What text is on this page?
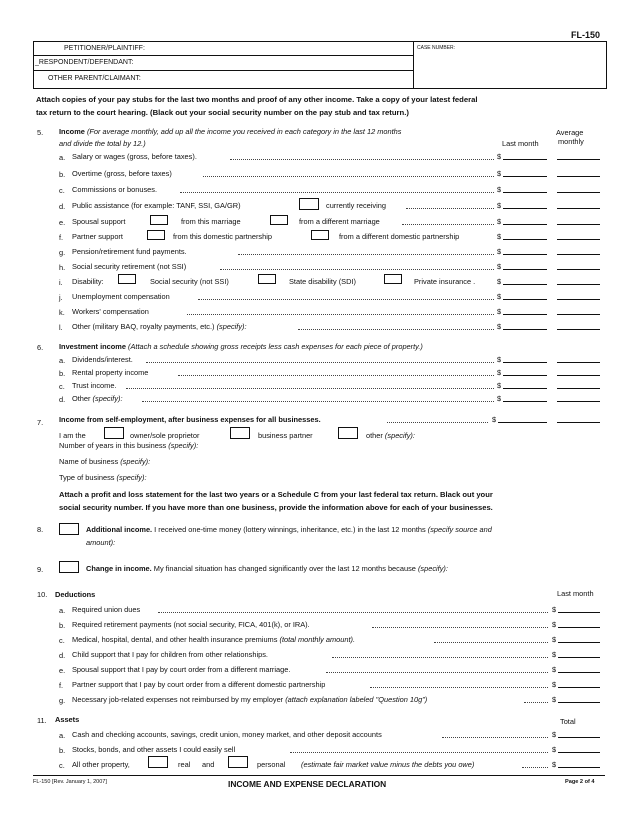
FL-150
PETITIONER/PLAINTIFF:
_RESPONDENT/DEFENDANT:
OTHER PARENT/CLAIMANT:
CASE NUMBER:
Attach copies of your pay stubs for the last two months and proof of any other income. Take a copy of your latest federal
tax return to the court hearing. (Black out your social security number on the pay stub and tax return.)
5. Income (For average monthly, add up all the income you received in each category in the last 12 months
and divide the total by 12.)	Last month
Average
monthly
a. Salary or wages (gross, before taxes).	$
b. Overtime (gross, before taxes)	$
c. Commissions or bonuses.	$
d. Public assistance (for example: TANF, SSI, GA/GR)	currently receiving	$
e. Spousal support	from this marriage	from a different marriage	$
f. Partner support	from this domestic partnership	from a different domestic partnership	$
g. Pension/retirement fund payments.	$
h. Social security retirement (not SSI)	$
i. Disability:	Social security (not SSI)	State disability (SDI)	Private insurance .	$
j. Unemployment compensation	$
k. Workers' compensation	$
l. Other (military BAQ, royalty payments, etc.) (specify):	$
6. Investment income (Attach a schedule showing gross receipts less cash expenses for each piece of property.)
a. Dividends/interest.	$
b. Rental property income	$
c. Trust income.	$
d. Other (specify):	$
7. Income from self-employment, after business expenses for all businesses.	$
I am the	owner/sole proprietor	business partner	other (specify):
Number of years in this business (specify):
Name of business (specify):
Type of business (specify):
Attach a profit and loss statement for the last two years or a Schedule C from your last federal tax return. Black out your
social security number. If you have more than one business, provide the information above for each of your businesses.
8.	Additional income. I received one-time money (lottery winnings, inheritance, etc.) in the last 12 months (specify source and
amount):
9.	Change in income. My financial situation has changed significantly over the last 12 months because (specify):
10. Deductions	Last month
a. Required union dues	$
b. Required retirement payments (not social security, FICA, 401(k), or IRA).	$
c. Medical, hospital, dental, and other health insurance premiums (total monthly amount).	$
d. Child support that I pay for children from other relationships.	$
e. Spousal support that I pay by court order from a different marriage.	$
f. Partner support that I pay by court order from a different domestic partnership	$
g. Necessary job-related expenses not reimbursed by my employer (attach explanation labeled "Question 10g")	$
11. Assets	Total
a. Cash and checking accounts, savings, credit union, money market, and other deposit accounts	$
b. Stocks, bonds, and other assets I could easily sell	$
c. All other property,	real and	personal (estimate fair market value minus the debts you owe)	$
FL-150 [Rev. January 1, 2007]	INCOME AND EXPENSE DECLARATION	Page 2 of 4
